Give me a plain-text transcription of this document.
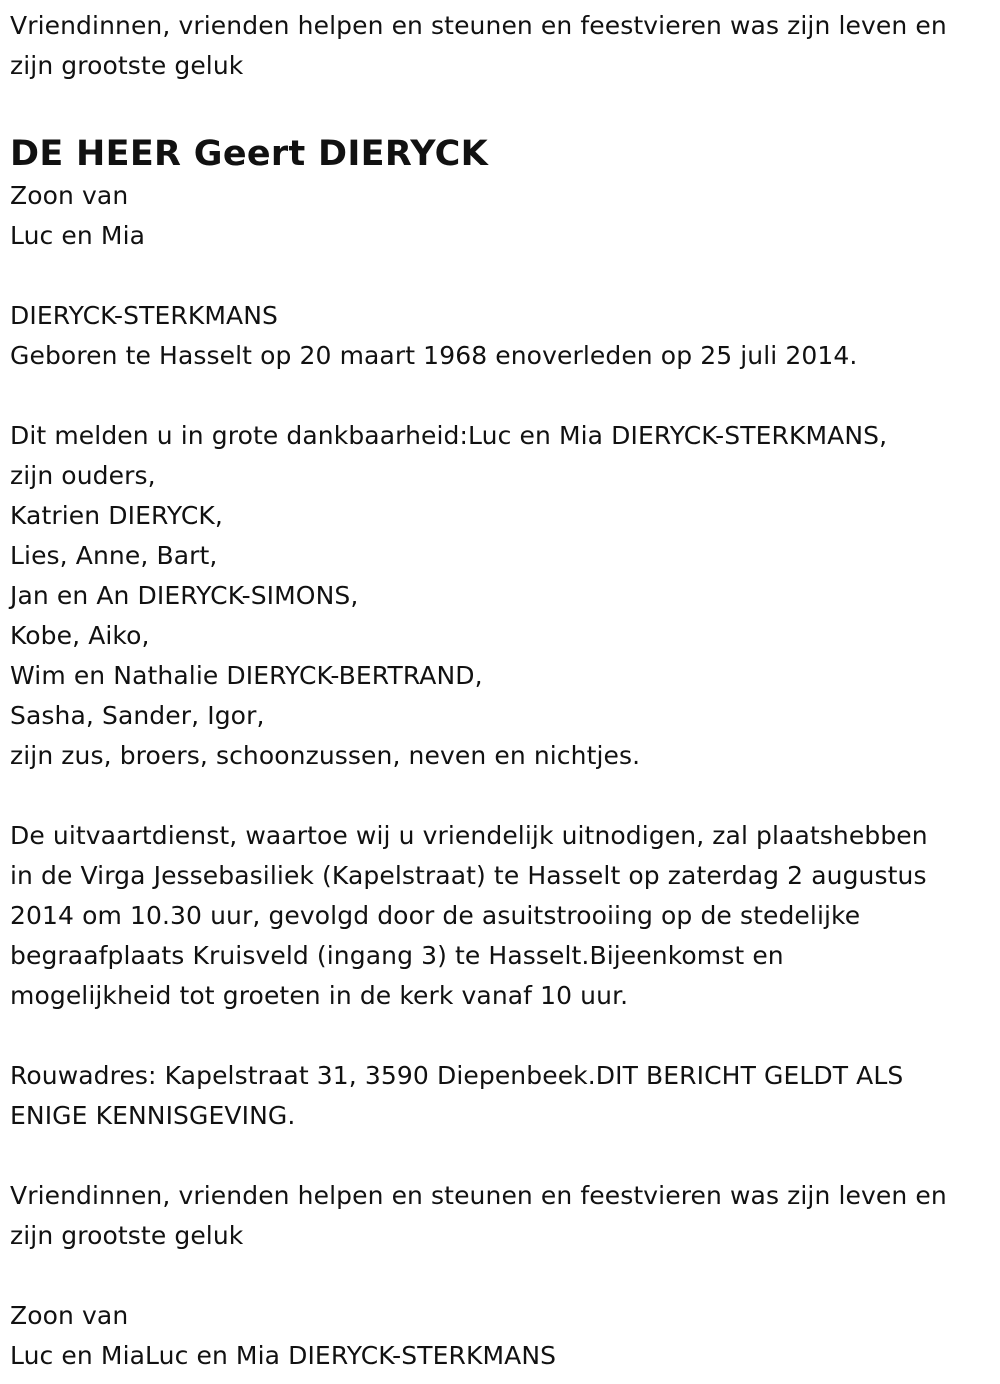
Vriendinnen, vrienden helpen en steunen en feestvieren was zijn leven en
zijn grootste geluk
DE HEER Geert DIERYCK
Zoon van
Luc en Mia
DIERYCK-STERKMANS
Geboren te Hasselt op 20 maart 1968 enoverleden op 25 juli 2014.
Dit melden u in grote dankbaarheid:Luc en Mia DIERYCK-STERKMANS,
zijn ouders,
Katrien DIERYCK,
Lies, Anne, Bart,
Jan en An DIERYCK-SIMONS,
Kobe, Aiko,
Wim en Nathalie DIERYCK-BERTRAND,
Sasha, Sander, Igor,
zijn zus, broers, schoonzussen, neven en nichtjes.
De uitvaartdienst, waartoe wij u vriendelijk uitnodigen, zal plaatshebben
in de Virga Jessebasiliek (Kapelstraat) te Hasselt op zaterdag 2 augustus
2014 om 10.30 uur, gevolgd door de asuitstrooiing op de stedelijke
begraafplaats Kruisveld (ingang 3) te Hasselt.Bijeenkomst en
mogelijkheid tot groeten in de kerk vanaf 10 uur.
Rouwadres: Kapelstraat 31, 3590 Diepenbeek.DIT BERICHT GELDT ALS
ENIGE KENNISGEVING.
Vriendinnen, vrienden helpen en steunen en feestvieren was zijn leven en
zijn grootste geluk
Zoon van
Luc en MiaLuc en Mia DIERYCK-STERKMANS
